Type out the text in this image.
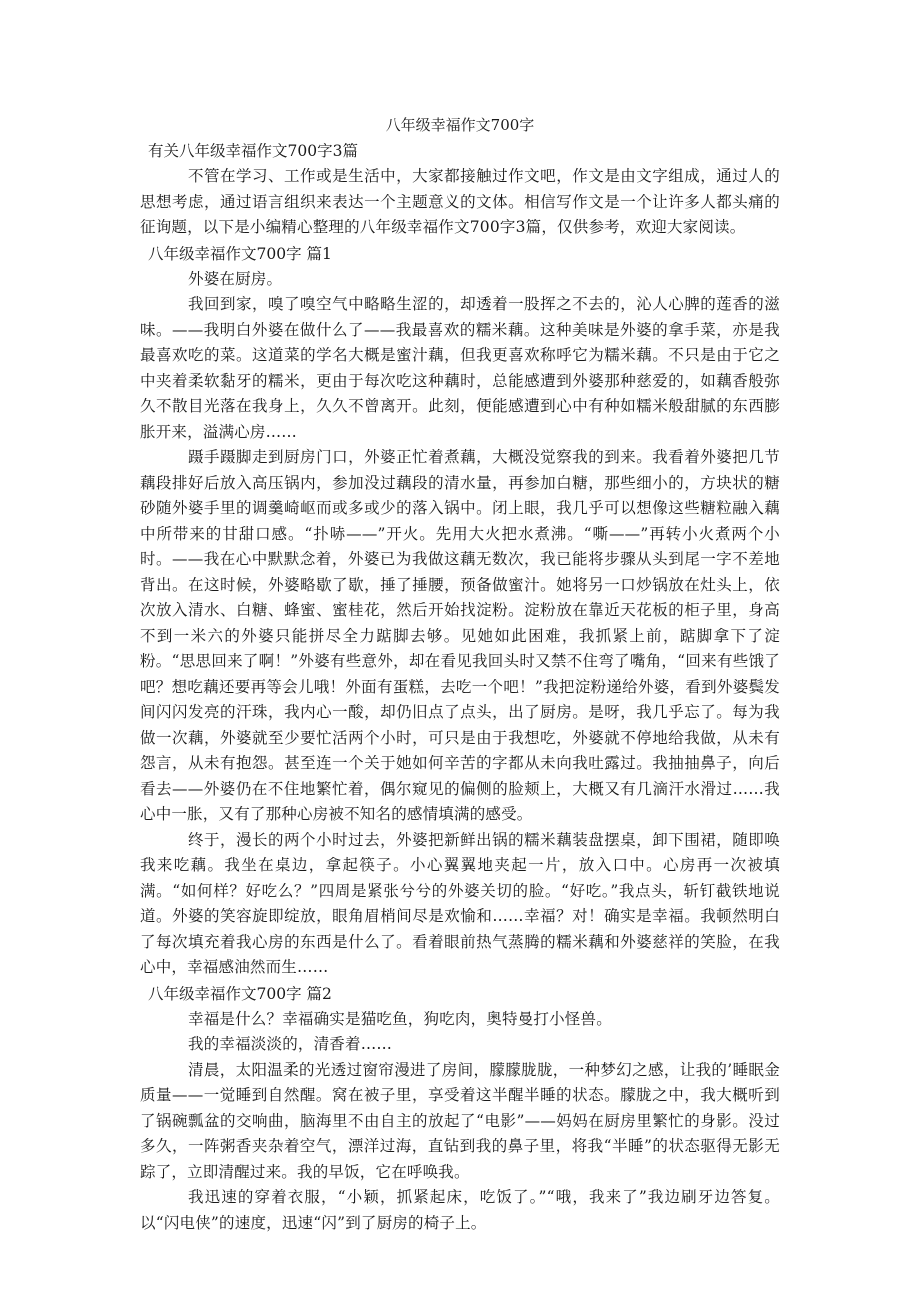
八年级幸福作文700字

有关八年级幸福作文700字3篇

不管在学习、工作或是生活中，大家都接触过作文吧，作文是由文字组成，通过人的思想考虑，通过语言组织来表达一个主题意义的文体。相信写作文是一个让许多人都头痛的征询题，以下是小编精心整理的八年级幸福作文700字3篇，仅供参考，欢迎大家阅读。

八年级幸福作文700字 篇1

外婆在厨房。

我回到家，嗅了嗅空气中略略生涩的，却透着一股挥之不去的，沁人心脾的莲香的滋味。——我明白外婆在做什么了——我最喜欢的糯米藕。这种美味是外婆的拿手菜，亦是我最喜欢吃的菜。这道菜的学名大概是蜜汁藕，但我更喜欢称呼它为糯米藕。不只是由于它之中夹着柔软黏牙的糯米，更由于每次吃这种藕时，总能感遭到外婆那种慈爱的，如藕香般弥久不散目光落在我身上，久久不曾离开。此刻，便能感遭到心中有种如糯米般甜腻的东西膨胀开来，溢满心房……

蹑手蹑脚走到厨房门口，外婆正忙着煮藕，大概没觉察我的到来。我看着外婆把几节藕段排好后放入高压锅内，参加没过藕段的清水量，再参加白糖，那些细小的，方块状的糖砂随外婆手里的调羹崎岖而或多或少的落入锅中。闭上眼，我几乎可以想像这些糖粒融入藕中所带来的甘甜口感。“扑哧——”开火。先用大火把水煮沸。“嘶——”再转小火煮两个小时。——我在心中默默念着，外婆已为我做这藕无数次，我已能将步骤从头到尾一字不差地背出。在这时候，外婆略歇了歇，捶了捶腰，预备做蜜汁。她将另一口炒锅放在灶头上，依次放入清水、白糖、蜂蜜、蜜桂花，然后开始找淀粉。淀粉放在靠近天花板的柜子里，身高不到一米六的外婆只能拼尽全力踮脚去够。见她如此困难，我抓紧上前，踮脚拿下了淀粉。“思思回来了啊！”外婆有些意外，却在看见我回头时又禁不住弯了嘴角，“回来有些饿了吧？想吃藕还要再等会儿哦！外面有蛋糕，去吃一个吧！”我把淀粉递给外婆，看到外婆鬓发间闪闪发亮的汗珠，我内心一酸，却仍旧点了点头，出了厨房。是呀，我几乎忘了。每为我做一次藕，外婆就至少要忙活两个小时，可只是由于我想吃，外婆就不停地给我做，从未有怨言，从未有抱怨。甚至连一个关于她如何辛苦的字都从未向我吐露过。我抽抽鼻子，向后看去——外婆仍在不住地繁忙着，偶尔窥见的偏侧的脸颊上，大概又有几滴汗水滑过……我心中一胀，又有了那种心房被不知名的感情填满的感受。

终于，漫长的两个小时过去，外婆把新鲜出锅的糯米藕装盘摆桌，卸下围裙，随即唤我来吃藕。我坐在桌边，拿起筷子。小心翼翼地夹起一片，放入口中。心房再一次被填满。“如何样？好吃么？”四周是紧张兮兮的外婆关切的脸。“好吃。”我点头，斩钉截铁地说道。外婆的笑容旋即绽放，眼角眉梢间尽是欢愉和……幸福？对！确实是幸福。我顿然明白了每次填充着我心房的东西是什么了。看着眼前热气蒸腾的糯米藕和外婆慈祥的笑脸，在我心中，幸福感油然而生……

八年级幸福作文700字 篇2

幸福是什么？幸福确实是猫吃鱼，狗吃肉，奥特曼打小怪兽。

我的幸福淡淡的，清香着……

清晨，太阳温柔的光透过窗帘漫进了房间，朦朦胧胧，一种梦幻之感，让我的’睡眠金质量——一觉睡到自然醒。窝在被子里，享受着这半醒半睡的状态。朦胧之中，我大概听到了锅碗瓢盆的交响曲，脑海里不由自主的放起了“电影”——妈妈在厨房里繁忙的身影。没过多久，一阵粥香夹杂着空气，漂洋过海，直钻到我的鼻子里，将我“半睡”的状态驱得无影无踪了，立即清醒过来。我的早饭，它在呼唤我。

我迅速的穿着衣服，“小颖，抓紧起床，吃饭了。”“哦，我来了”我边刷牙边答复。以“闪电侠”的速度，迅速“闪”到了厨房的椅子上。
